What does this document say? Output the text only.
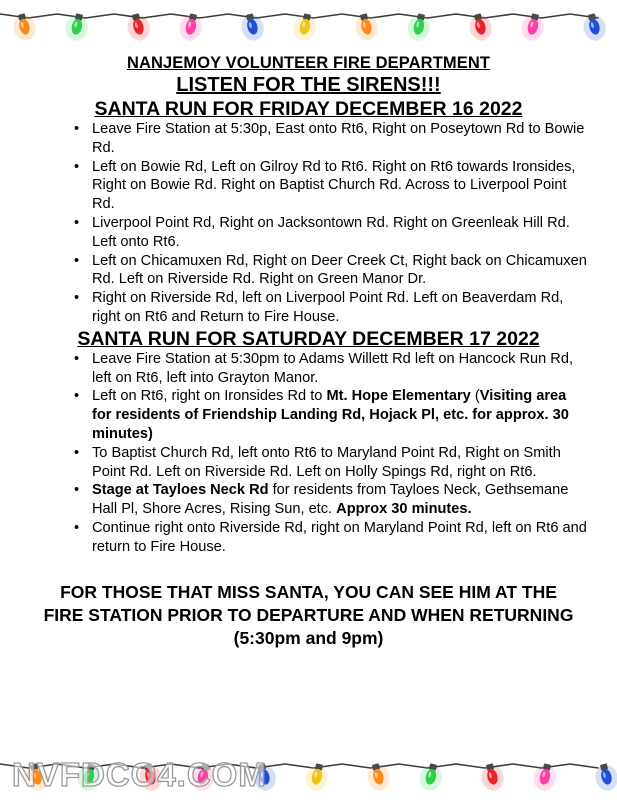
NANJEMOY VOLUNTEER FIRE DEPARTMENT
LISTEN FOR THE SIRENS!!!
SANTA RUN FOR FRIDAY DECEMBER 16 2022
• Leave Fire Station at 5:30p, East onto Rt6, Right on Poseytown Rd to Bowie Rd.
• Left on Bowie Rd, Left on Gilroy Rd to Rt6. Right on Rt6 towards Ironsides, Right on Bowie Rd. Right on Baptist Church Rd. Across to Liverpool Point Rd.
• Liverpool Point Rd, Right on Jacksontown Rd. Right on Greenleak Hill Rd. Left onto Rt6.
• Left on Chicamuxen Rd, Right on Deer Creek Ct, Right back on Chicamuxen Rd. Left on Riverside Rd. Right on Green Manor Dr.
• Right on Riverside Rd, left on Liverpool Point Rd. Left on Beaverdam Rd, right on Rt6 and Return to Fire House.
SANTA RUN FOR SATURDAY DECEMBER 17 2022
• Leave Fire Station at 5:30pm to Adams Willett Rd left on Hancock Run Rd, left on Rt6, left into Grayton Manor.
• Left on Rt6, right on Ironsides Rd to Mt. Hope Elementary (Visiting area for residents of Friendship Landing Rd, Hojack Pl, etc. for approx. 30 minutes)
• To Baptist Church Rd, left onto Rt6 to Maryland Point Rd, Right on Smith Point Rd. Left on Riverside Rd. Left on Holly Spings Rd, right on Rt6.
• Stage at Tayloes Neck Rd for residents from Tayloes Neck, Gethsemane Hall Pl, Shore Acres, Rising Sun, etc. Approx 30 minutes.
• Continue right onto Riverside Rd, right on Maryland Point Rd, left on Rt6 and return to Fire House.
FOR THOSE THAT MISS SANTA, YOU CAN SEE HIM AT THE FIRE STATION PRIOR TO DEPARTURE AND WHEN RETURNING
(5:30pm and 9pm)
NVFDCO4.COM
